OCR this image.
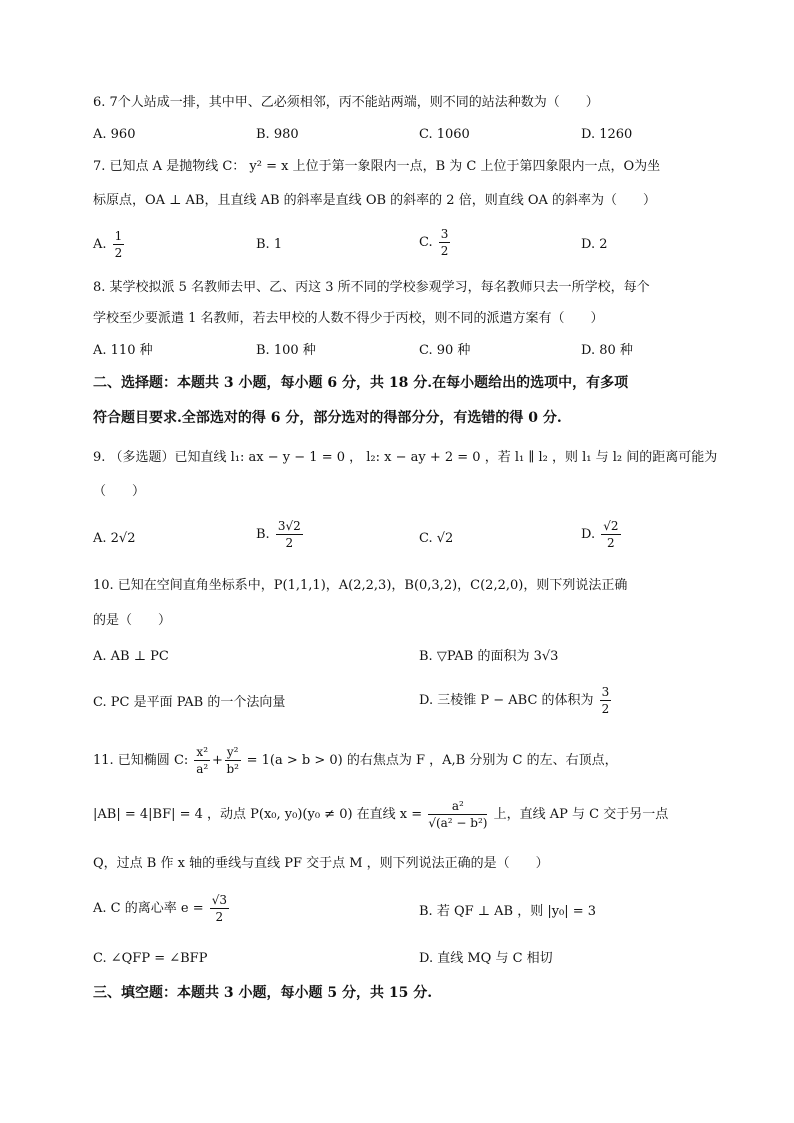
6. 7个人站成一排，其中甲、乙必须相邻，丙不能站两端，则不同的站法种数为（　　）
A. 960	B. 980	C. 1060	D. 1260
7. 已知点 A 是抛物线 C： y² = x 上位于第一象限内一点，B 为 C 上位于第四象限内一点，O为坐
标原点，OA ⊥ AB，且直线 AB 的斜率是直线 OB 的斜率的 2 倍，则直线 OA 的斜率为（　　）
A. $\frac{1}{2}$	B. 1	C. $\frac{3}{2}$	D. 2
8. 某学校拟派 5 名教师去甲、乙、丙这 3 所不同的学校参观学习，每名教师只去一所学校，每个
学校至少要派遣 1 名教师，若去甲校的人数不得少于丙校，则不同的派遣方案有（　　）
A. 110 种	B. 100 种	C. 90 种	D. 80 种
二、选择题：本题共 3 小题，每小题 6 分，共 18 分.在每小题给出的选项中，有多项
符合题目要求.全部选对的得 6 分，部分选对的得部分分，有选错的得 0 分.
9. （多选题）已知直线 l₁: ax − y − 1 = 0 ， l₂: x − ay + 2 = 0 ，若 l₁ ∥ l₂ ，则 l₁ 与 l₂ 间的距离可能为
（　　）
A. 2√2	B. $\frac{3√2}{2}$	C. √2	D. $\frac{√2}{2}$
10. 已知在空间直角坐标系中，P(1,1,1)，A(2,2,3)，B(0,3,2)，C(2,2,0)，则下列说法正确
的是（　　）
A. AB ⊥ PC	B. ▽PAB 的面积为 3√3
C. PC 是平面 PAB 的一个法向量	D. 三棱锥 P − ABC 的体积为 $\frac{3}{2}$
11. 已知椭圆 C: $\frac{\text{x²}}{\text{a²}} + \frac{\text{y²}}{\text{b²}} = 1(a > b > 0)$ 的右焦点为 F ，A,B 分别为 C 的左、右顶点，
|AB| = 4|BF| = 4 ，动点 P(x₀, y₀)(y₀ ≠ 0) 在直线 $x = \frac{\text{a²}}{\text{√(a² − b²)}}$ 上，直线 AP 与 C 交于另一点
Q，过点 B 作 x 轴的垂线与直线 PF 交于点 M ，则下列说法正确的是（　　）
A. C 的离心率 $e = \frac{√3}{2}$	B. 若 QF ⊥ AB ，则 |y₀| = 3
C. ∠QFP = ∠BFP	D. 直线 MQ 与 C 相切
三、填空题：本题共 3 小题，每小题 5 分，共 15 分.
